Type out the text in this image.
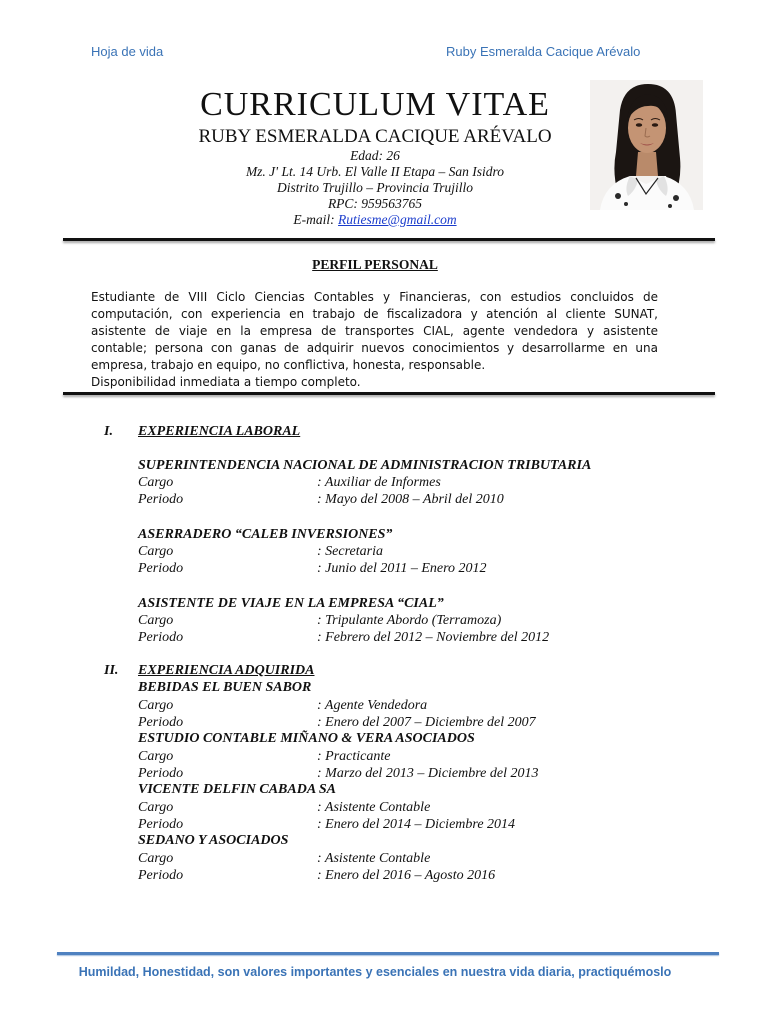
Hoja de vida	Ruby Esmeralda Cacique Arévalo
CURRICULUM VITAE
RUBY ESMERALDA CACIQUE ARÉVALO
Edad: 26
Mz. J' Lt. 14 Urb. El Valle II Etapa – San Isidro
Distrito Trujillo – Provincia Trujillo
RPC: 959563765
E-mail: Rutiesme@gmail.com
PERFIL PERSONAL
Estudiante de VIII Ciclo Ciencias Contables y Financieras, con estudios concluidos de
computación, con experiencia en trabajo de fiscalizadora y atención al cliente SUNAT,
asistente de viaje en la empresa de transportes CIAL, agente vendedora y asistente
contable; persona con ganas de adquirir nuevos conocimientos y desarrollarme en una
empresa, trabajo en equipo, no conflictiva, honesta, responsable.
Disponibilidad inmediata a tiempo completo.
I. EXPERIENCIA LABORAL
SUPERINTENDENCIA NACIONAL DE ADMINISTRACION TRIBUTARIA
Cargo	: Auxiliar de Informes
Periodo	: Mayo del 2008 – Abril del 2010
ASERRADERO “CALEB INVERSIONES”
Cargo	: Secretaria
Periodo	: Junio del 2011 – Enero 2012
ASISTENTE DE VIAJE EN LA EMPRESA “CIAL”
Cargo	: Tripulante Abordo (Terramoza)
Periodo	: Febrero del 2012 – Noviembre del 2012
II. EXPERIENCIA ADQUIRIDA
BEBIDAS EL BUEN SABOR
Cargo	: Agente Vendedora
Periodo	: Enero del 2007 – Diciembre del 2007
ESTUDIO CONTABLE MIÑANO & VERA ASOCIADOS
Cargo	: Practicante
Periodo	: Marzo del 2013 – Diciembre del 2013
VICENTE DELFIN CABADA SA
Cargo	: Asistente Contable
Periodo	: Enero del 2014 – Diciembre 2014
SEDANO Y ASOCIADOS
Cargo	: Asistente Contable
Periodo	: Enero del 2016 – Agosto 2016
Humildad, Honestidad, son valores importantes y esenciales en nuestra vida diaria, practiquémoslo
